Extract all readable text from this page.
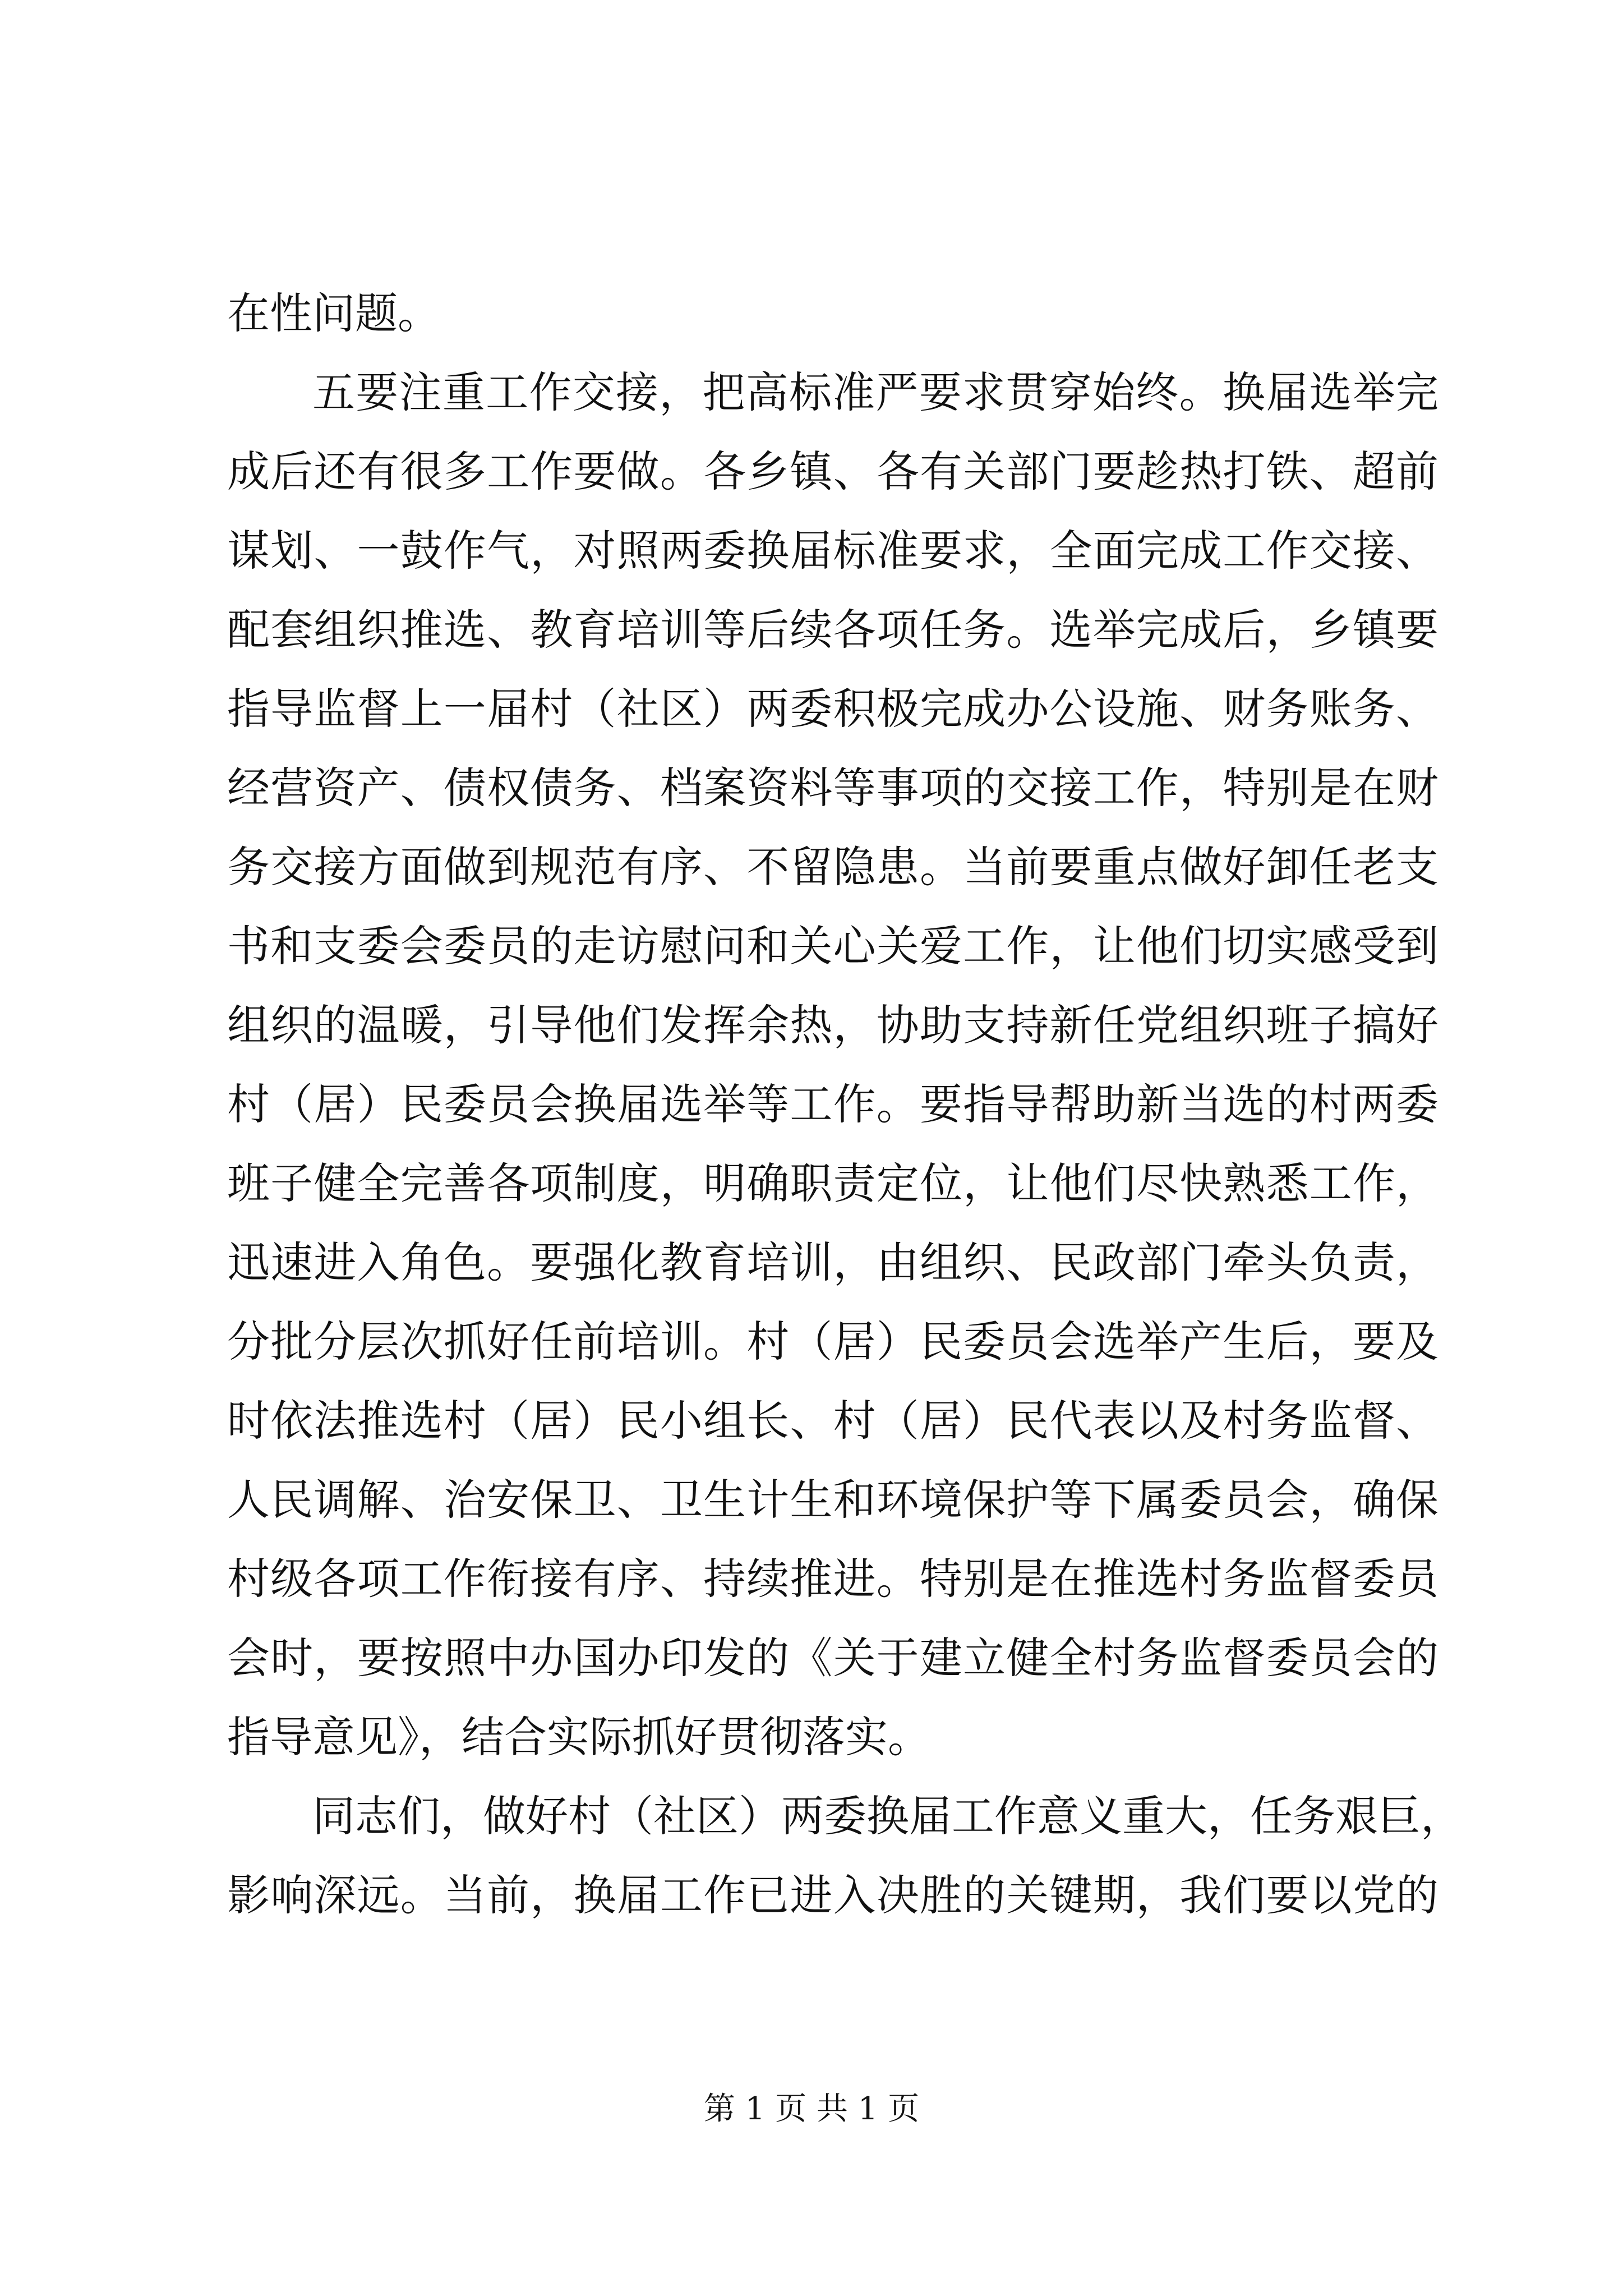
在性问题。
五要注重工作交接，把高标准严要求贯穿始终。换届选举完
成后还有很多工作要做。各乡镇、各有关部门要趁热打铁、超前
谋划、一鼓作气，对照两委换届标准要求，全面完成工作交接、
配套组织推选、教育培训等后续各项任务。选举完成后，乡镇要
指导监督上一届村（社区）两委积极完成办公设施、财务账务、
经营资产、债权债务、档案资料等事项的交接工作，特别是在财
务交接方面做到规范有序、不留隐患。当前要重点做好卸任老支
书和支委会委员的走访慰问和关心关爱工作，让他们切实感受到
组织的温暖，引导他们发挥余热，协助支持新任党组织班子搞好
村（居）民委员会换届选举等工作。要指导帮助新当选的村两委
班子健全完善各项制度，明确职责定位，让他们尽快熟悉工作，
迅速进入角色。要强化教育培训，由组织、民政部门牵头负责，
分批分层次抓好任前培训。村（居）民委员会选举产生后，要及
时依法推选村（居）民小组长、村（居）民代表以及村务监督、
人民调解、治安保卫、卫生计生和环境保护等下属委员会，确保
村级各项工作衔接有序、持续推进。特别是在推选村务监督委员
会时，要按照中办国办印发的《关于建立健全村务监督委员会的
指导意见》，结合实际抓好贯彻落实。
同志们，做好村（社区）两委换届工作意义重大，任务艰巨，
影响深远。当前，换届工作已进入决胜的关键期，我们要以党的
第 1 页 共 1 页
